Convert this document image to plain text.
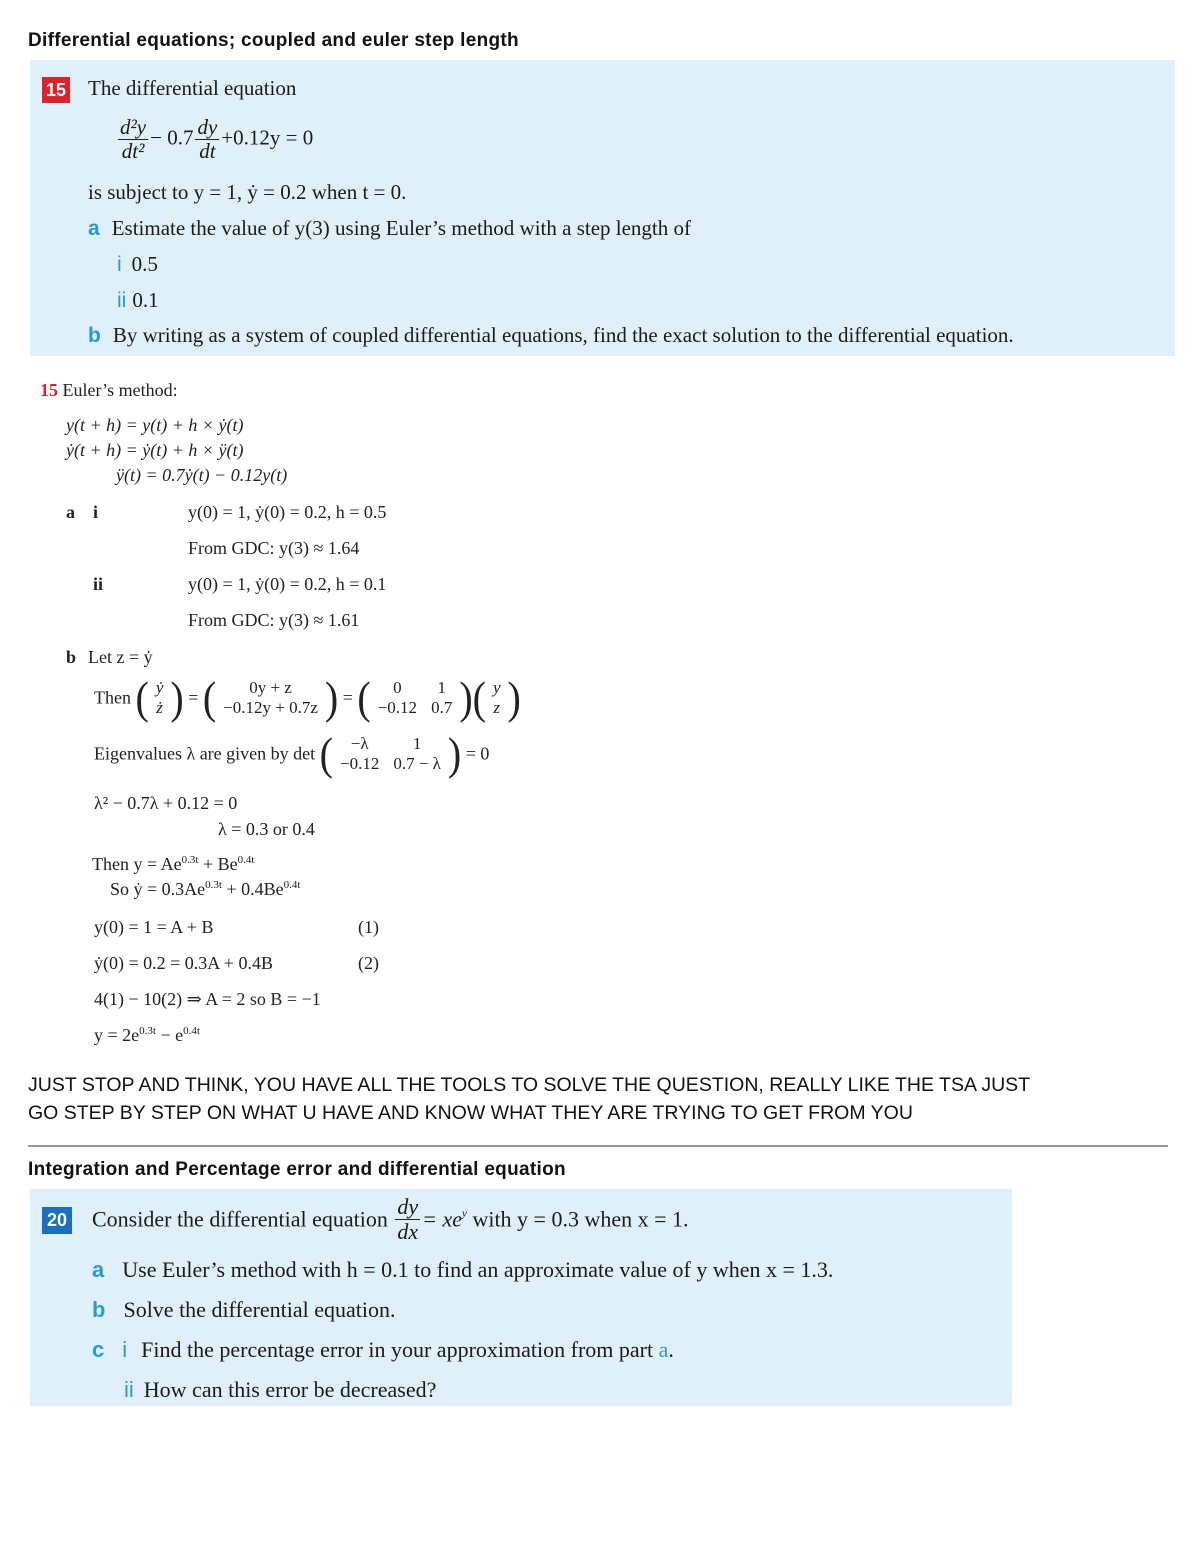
Differential equations; coupled and euler step length
15 The differential equation
$\frac{\text{d²y}}{\text{dt²}} - 0.7 \frac{dy}{dt} +0.12y = 0$
is subject to y = 1, ẏ = 0.2 when t = 0.
a Estimate the value of y(3) using Euler’s method with a step length of
i 0.5
ii 0.1
b By writing as a system of coupled differential equations, find the exact solution to the differential equation.
15 Euler’s method:
y(t + h) = y(t) + h × ẏ(t)
ẏ(t + h) = ẏ(t) + h × ÿ(t)
ÿ(t) = 0.7ẏ(t) − 0.12y(t)
a i	y(0) = 1, ẏ(0) = 0.2, h = 0.5
From GDC: y(3) ≈ 1.64
ii	y(0) = 1, ẏ(0) = 0.2, h = 0.1
From GDC: y(3) ≈ 1.61
b Let z = ẏ
Then ( ẏ
ż ) = ( 0y + z
−0.12y + 0.7z ) = ( 0	1
−0.12	0.7 )( y
z )
Eigenvalues λ are given by det ( −λ	1
−0.12	0.7 − λ ) = 0
λ² − 0.7λ + 0.12 = 0
λ = 0.3 or 0.4
Then $y = Ae^{0.3t} + Be^{0.4t}$
So ẏ = $0.3Ae^{0.3t} + 0.4Be^{0.4t}$
y(0) = 1 = A + B	(1)
ẏ(0) = 0.2 = 0.3A + 0.4B	(2)
4(1) − 10(2) ⇒ A = 2 so B = −1
$y = 2e^{0.3t} - e^{0.4t}$
JUST STOP AND THINK, YOU HAVE ALL THE TOOLS TO SOLVE THE QUESTION, REALLY LIKE THE TSA JUST
GO STEP BY STEP ON WHAT U HAVE AND KNOW WHAT THEY ARE TRYING TO GET FROM YOU
Integration and Percentage error and differential equation
20 Consider the differential equation $\frac{dy}{dx} = xe^y$ with y = 0.3 when x = 1.
a Use Euler’s method with h = 0.1 to find an approximate value of y when x = 1.3.
b Solve the differential equation.
c i Find the percentage error in your approximation from part a.
ii How can this error be decreased?
